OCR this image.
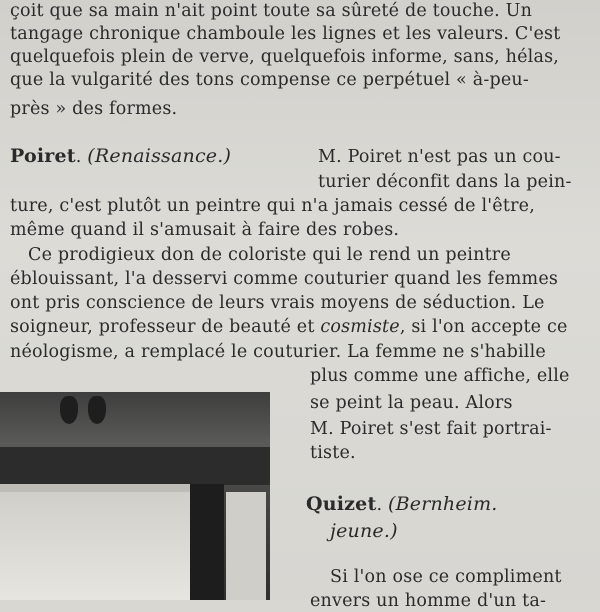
çoit que sa main n'ait point toute sa sûreté de touche. Un
tangage chronique chamboule les lignes et les valeurs. C'est
quelquefois plein de verve, quelquefois informe, sans, hélas,
que la vulgarité des tons compense ce perpétuel « à-peu-
près » des formes.
Poiret. (Renaissance.)	M. Poiret n'est pas un cou-
turier déconfit dans la pein-
ture, c'est plutôt un peintre qui n'a jamais cessé de l'être,
même quand il s'amusait à faire des robes.
Ce prodigieux don de coloriste qui le rend un peintre
éblouissant, l'a desservi comme couturier quand les femmes
ont pris conscience de leurs vrais moyens de séduction. Le
soigneur, professeur de beauté et cosmiste, si l'on accepte ce
néologisme, a remplacé le couturier. La femme ne s'habille
plus comme une affiche, elle
se peint la peau. Alors
M. Poiret s'est fait portrai-
tiste.
Quizet. (Bernheim.
jeune.)
Si l'on ose ce compliment
envers un homme d'un ta-
